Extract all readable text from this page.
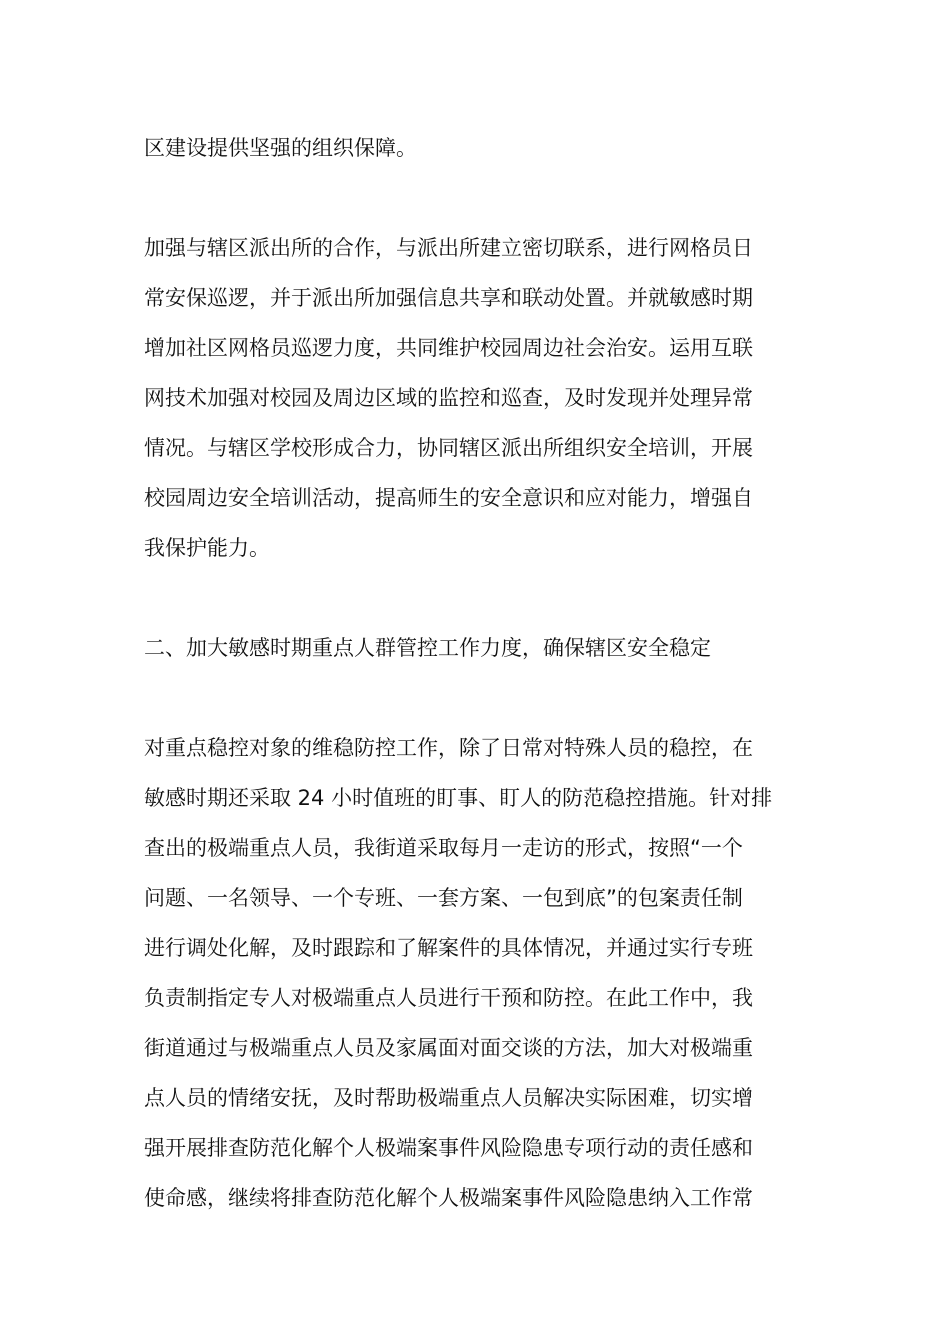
区建设提供坚强的组织保障。
加强与辖区派出所的合作，与派出所建立密切联系，进行网格员日
常安保巡逻，并于派出所加强信息共享和联动处置。并就敏感时期
增加社区网格员巡逻力度，共同维护校园周边社会治安。运用互联
网技术加强对校园及周边区域的监控和巡查，及时发现并处理异常
情况。与辖区学校形成合力，协同辖区派出所组织安全培训，开展
校园周边安全培训活动，提高师生的安全意识和应对能力，增强自
我保护能力。
二、加大敏感时期重点人群管控工作力度，确保辖区安全稳定
对重点稳控对象的维稳防控工作，除了日常对特殊人员的稳控，在
敏感时期还采取 24 小时值班的盯事、盯人的防范稳控措施。针对排
查出的极端重点人员，我街道采取每月一走访的形式，按照“一个
问题、一名领导、一个专班、一套方案、一包到底”的包案责任制
进行调处化解，及时跟踪和了解案件的具体情况，并通过实行专班
负责制指定专人对极端重点人员进行干预和防控。在此工作中，我
街道通过与极端重点人员及家属面对面交谈的方法，加大对极端重
点人员的情绪安抚，及时帮助极端重点人员解决实际困难，切实增
强开展排查防范化解个人极端案事件风险隐患专项行动的责任感和
使命感，继续将排查防范化解个人极端案事件风险隐患纳入工作常
